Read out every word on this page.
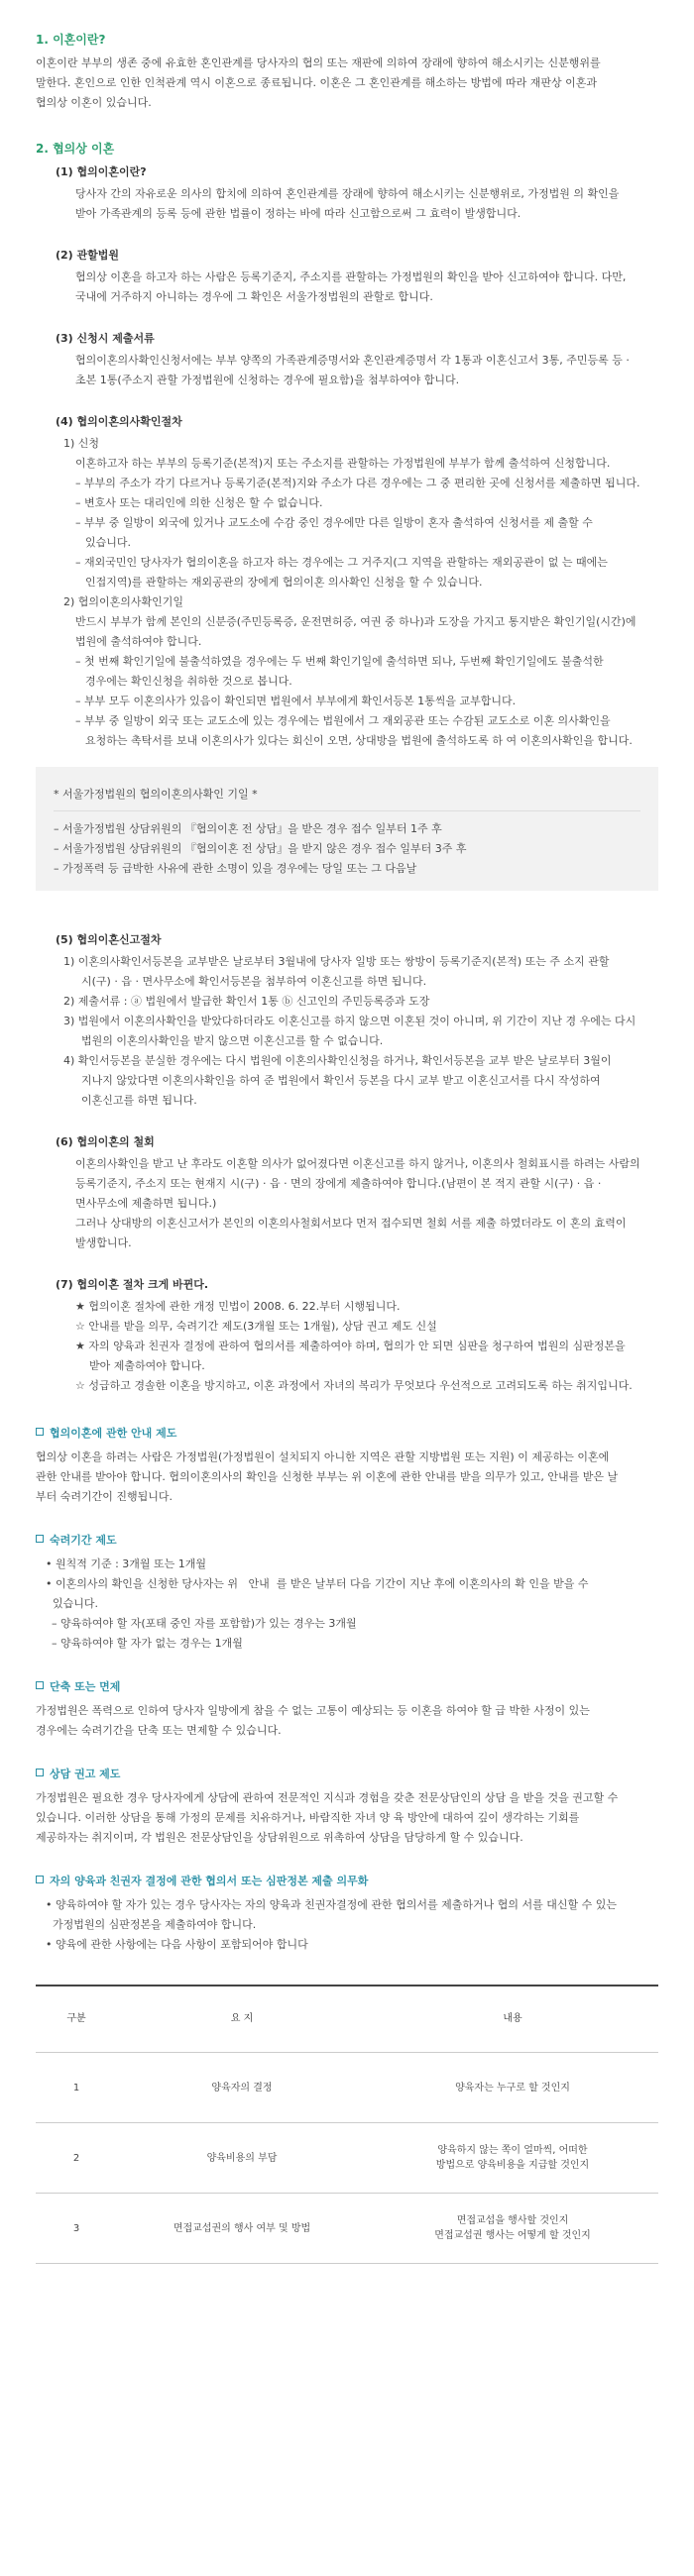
1. 이혼이란?

이혼이란 부부의 생존 중에 유효한 혼인관계를 당사자의 협의 또는 재판에 의하여 장래에 향하여 해소시키는 신분행위를

말한다. 혼인으로 인한 인척관계 역시 이혼으로 종료됩니다. 이혼은 그 혼인관계를 해소하는 방법에 따라 재판상 이혼과

협의상 이혼이 있습니다.

2. 협의상 이혼

(1) 협의이혼이란?

당사자 간의 자유로운 의사의 합치에 의하여 혼인관계를 장래에 향하여 해소시키는 신분행위로, 가정법원 의 확인을

받아 가족관계의 등록 등에 관한 법률이 정하는 바에 따라 신고함으로써 그 효력이 발생합니다.

(2) 관할법원

협의상 이혼을 하고자 하는 사람은 등록기준지, 주소지를 관할하는 가정법원의 확인을 받아 신고하여야 합니다. 다만,

국내에 거주하지 아니하는 경우에 그 확인은 서울가정법원의 관할로 합니다.

(3) 신청시 제출서류

협의이혼의사확인신청서에는 부부 양쪽의 가족관계증명서와 혼인관계증명서 각 1통과 이혼신고서 3통, 주민등록 등 ·

초본 1통(주소지 관할 가정법원에 신청하는 경우에 필요함)을 첨부하여야 합니다.

(4) 협의이혼의사확인절차

1) 신청

이혼하고자 하는 부부의 등록기준(본적)지 또는 주소지를 관할하는 가정법원에 부부가 함께 출석하여 신청합니다.

– 부부의 주소가 각기 다르거나 등록기준(본적)지와 주소가 다른 경우에는 그 중 편리한 곳에 신청서를 제출하면 됩니다.

– 변호사 또는 대리인에 의한 신청은 할 수 없습니다.

– 부부 중 일방이 외국에 있거나 교도소에 수감 중인 경우에만 다른 일방이 혼자 출석하여 신청서를 제 출할 수

있습니다.

– 재외국민인 당사자가 협의이혼을 하고자 하는 경우에는 그 거주지(그 지역을 관할하는 재외공관이 없 는 때에는

인접지역)를 관할하는 재외공관의 장에게 협의이혼 의사확인 신청을 할 수 있습니다.

2) 협의이혼의사확인기일

반드시 부부가 함께 본인의 신분증(주민등록증, 운전면허증, 여권 중 하나)과 도장을 가지고 통지받은 확인기일(시간)에

법원에 출석하여야 합니다.

– 첫 번째 확인기일에 불출석하였을 경우에는 두 번째 확인기일에 출석하면 되나, 두번째 확인기일에도 불출석한

경우에는 확인신청을 취하한 것으로 봅니다.

– 부부 모두 이혼의사가 있음이 확인되면 법원에서 부부에게 확인서등본 1통씩을 교부합니다.

– 부부 중 일방이 외국 또는 교도소에 있는 경우에는 법원에서 그 재외공관 또는 수감된 교도소로 이혼 의사확인을

요청하는 촉탁서를 보내 이혼의사가 있다는 회신이 오면, 상대방을 법원에 출석하도록 하 여 이혼의사확인을 합니다.

* 서울가정법원의 협의이혼의사확인 기일 *

– 서울가정법원 상담위원의 『협의이혼 전 상담』을 받은 경우 접수 일부터 1주 후

– 서울가정법원 상담위원의 『협의이혼 전 상담』을 받지 않은 경우 접수 일부터 3주 후

– 가정폭력 등 급박한 사유에 관한 소명이 있을 경우에는 당일 또는 그 다음날

(5) 협의이혼신고절차

1) 이혼의사확인서등본을 교부받은 날로부터 3월내에 당사자 일방 또는 쌍방이 등록기준지(본적) 또는 주 소지 관할

시(구) · 읍 · 면사무소에 확인서등본을 첨부하여 이혼신고를 하면 됩니다.

2) 제출서류 : ⓐ 법원에서 발급한 확인서 1통 ⓑ 신고인의 주민등록증과 도장

3) 법원에서 이혼의사확인을 받았다하더라도 이혼신고를 하지 않으면 이혼된 것이 아니며, 위 기간이 지난 경 우에는 다시

법원의 이혼의사확인을 받지 않으면 이혼신고를 할 수 없습니다.

4) 확인서등본을 분실한 경우에는 다시 법원에 이혼의사확인신청을 하거나, 확인서등본을 교부 받은 날로부터 3월이

지나지 않았다면 이혼의사확인을 하여 준 법원에서 확인서 등본을 다시 교부 받고 이혼신고서를 다시 작성하여

이혼신고를 하면 됩니다.

(6) 협의이혼의 철회

이혼의사확인을 받고 난 후라도 이혼할 의사가 없어졌다면 이혼신고를 하지 않거나, 이혼의사 철회표시를 하려는 사람의

등록기준지, 주소지 또는 현재지 시(구) · 읍 · 면의 장에게 제출하여야 합니다.(남편이 본 적지 관할 시(구) · 읍 ·

면사무소에 제출하면 됩니다.)

그러나 상대방의 이혼신고서가 본인의 이혼의사철회서보다 먼저 접수되면 철회 서를 제출 하였더라도 이 혼의 효력이

발생합니다.

(7) 협의이혼 절차 크게 바뀐다.

★ 협의이혼 절차에 관한 개정 민법이 2008. 6. 22.부터 시행됩니다.

☆ 안내를 받을 의무, 숙려기간 제도(3개월 또는 1개월), 상담 권고 제도 신설

★ 자의 양육과 친권자 결정에 관하여 협의서를 제출하여야 하며, 협의가 안 되면 심판을 청구하여 법원의 심판정본을

받아 제출하여야 합니다.

☆ 성급하고 경솔한 이혼을 방지하고, 이혼 과정에서 자녀의 복리가 무엇보다 우선적으로 고려되도록 하는 취지입니다.

협의이혼에 관한 안내 제도

협의상 이혼을 하려는 사람은 가정법원(가정법원이 설치되지 아니한 지역은 관할 지방법원 또는 지원) 이 제공하는 이혼에

관한 안내를 받아야 합니다. 협의이혼의사의 확인을 신청한 부부는 위 이혼에 관한 안내를 받을 의무가 있고, 안내를 받은 날

부터 숙려기간이 진행됩니다.

숙려기간 제도

• 원칙적 기준 : 3개월 또는 1개월

• 이혼의사의 확인을 신청한 당사자는 위   안내  를 받은 날부터 다음 기간이 지난 후에 이혼의사의 확 인을 받을 수

있습니다.

– 양육하여야 할 자(포태 중인 자를 포함함)가 있는 경우는 3개월

– 양육하여야 할 자가 없는 경우는 1개월

단축 또는 면제

가정법원은 폭력으로 인하여 당사자 일방에게 참을 수 없는 고통이 예상되는 등 이혼을 하여야 할 급 박한 사정이 있는

경우에는 숙려기간을 단축 또는 면제할 수 있습니다.

상담 권고 제도

가정법원은 필요한 경우 당사자에게 상담에 관하여 전문적인 지식과 경험을 갖춘 전문상담인의 상담 을 받을 것을 권고할 수

있습니다. 이러한 상담을 통해 가정의 문제를 치유하거나, 바람직한 자녀 양 육 방안에 대하여 깊이 생각하는 기회를

제공하자는 취지이며, 각 법원은 전문상담인을 상담위원으로 위촉하여 상담을 담당하게 할 수 있습니다.

자의 양육과 친권자 결정에 관한 협의서 또는 심판정본 제출 의무화

• 양육하여야 할 자가 있는 경우 당사자는 자의 양육과 친권자결정에 관한 협의서를 제출하거나 협의 서를 대신할 수 있는

가정법원의 심판정본을 제출하여야 합니다.

• 양육에 관한 사항에는 다음 사항이 포함되어야 합니다

구분	요 지	내용
1	양육자의 결정	양육자는 누구로 할 것인지
2	양육비용의 부담	양육하지 않는 쪽이 얼마씩, 어떠한
방법으로 양육비용을 지급할 것인지
3	면접교섭권의 행사 여부 및 방법	면접교섭을 행사할 것인지
면접교섭권 행사는 어떻게 할 것인지
